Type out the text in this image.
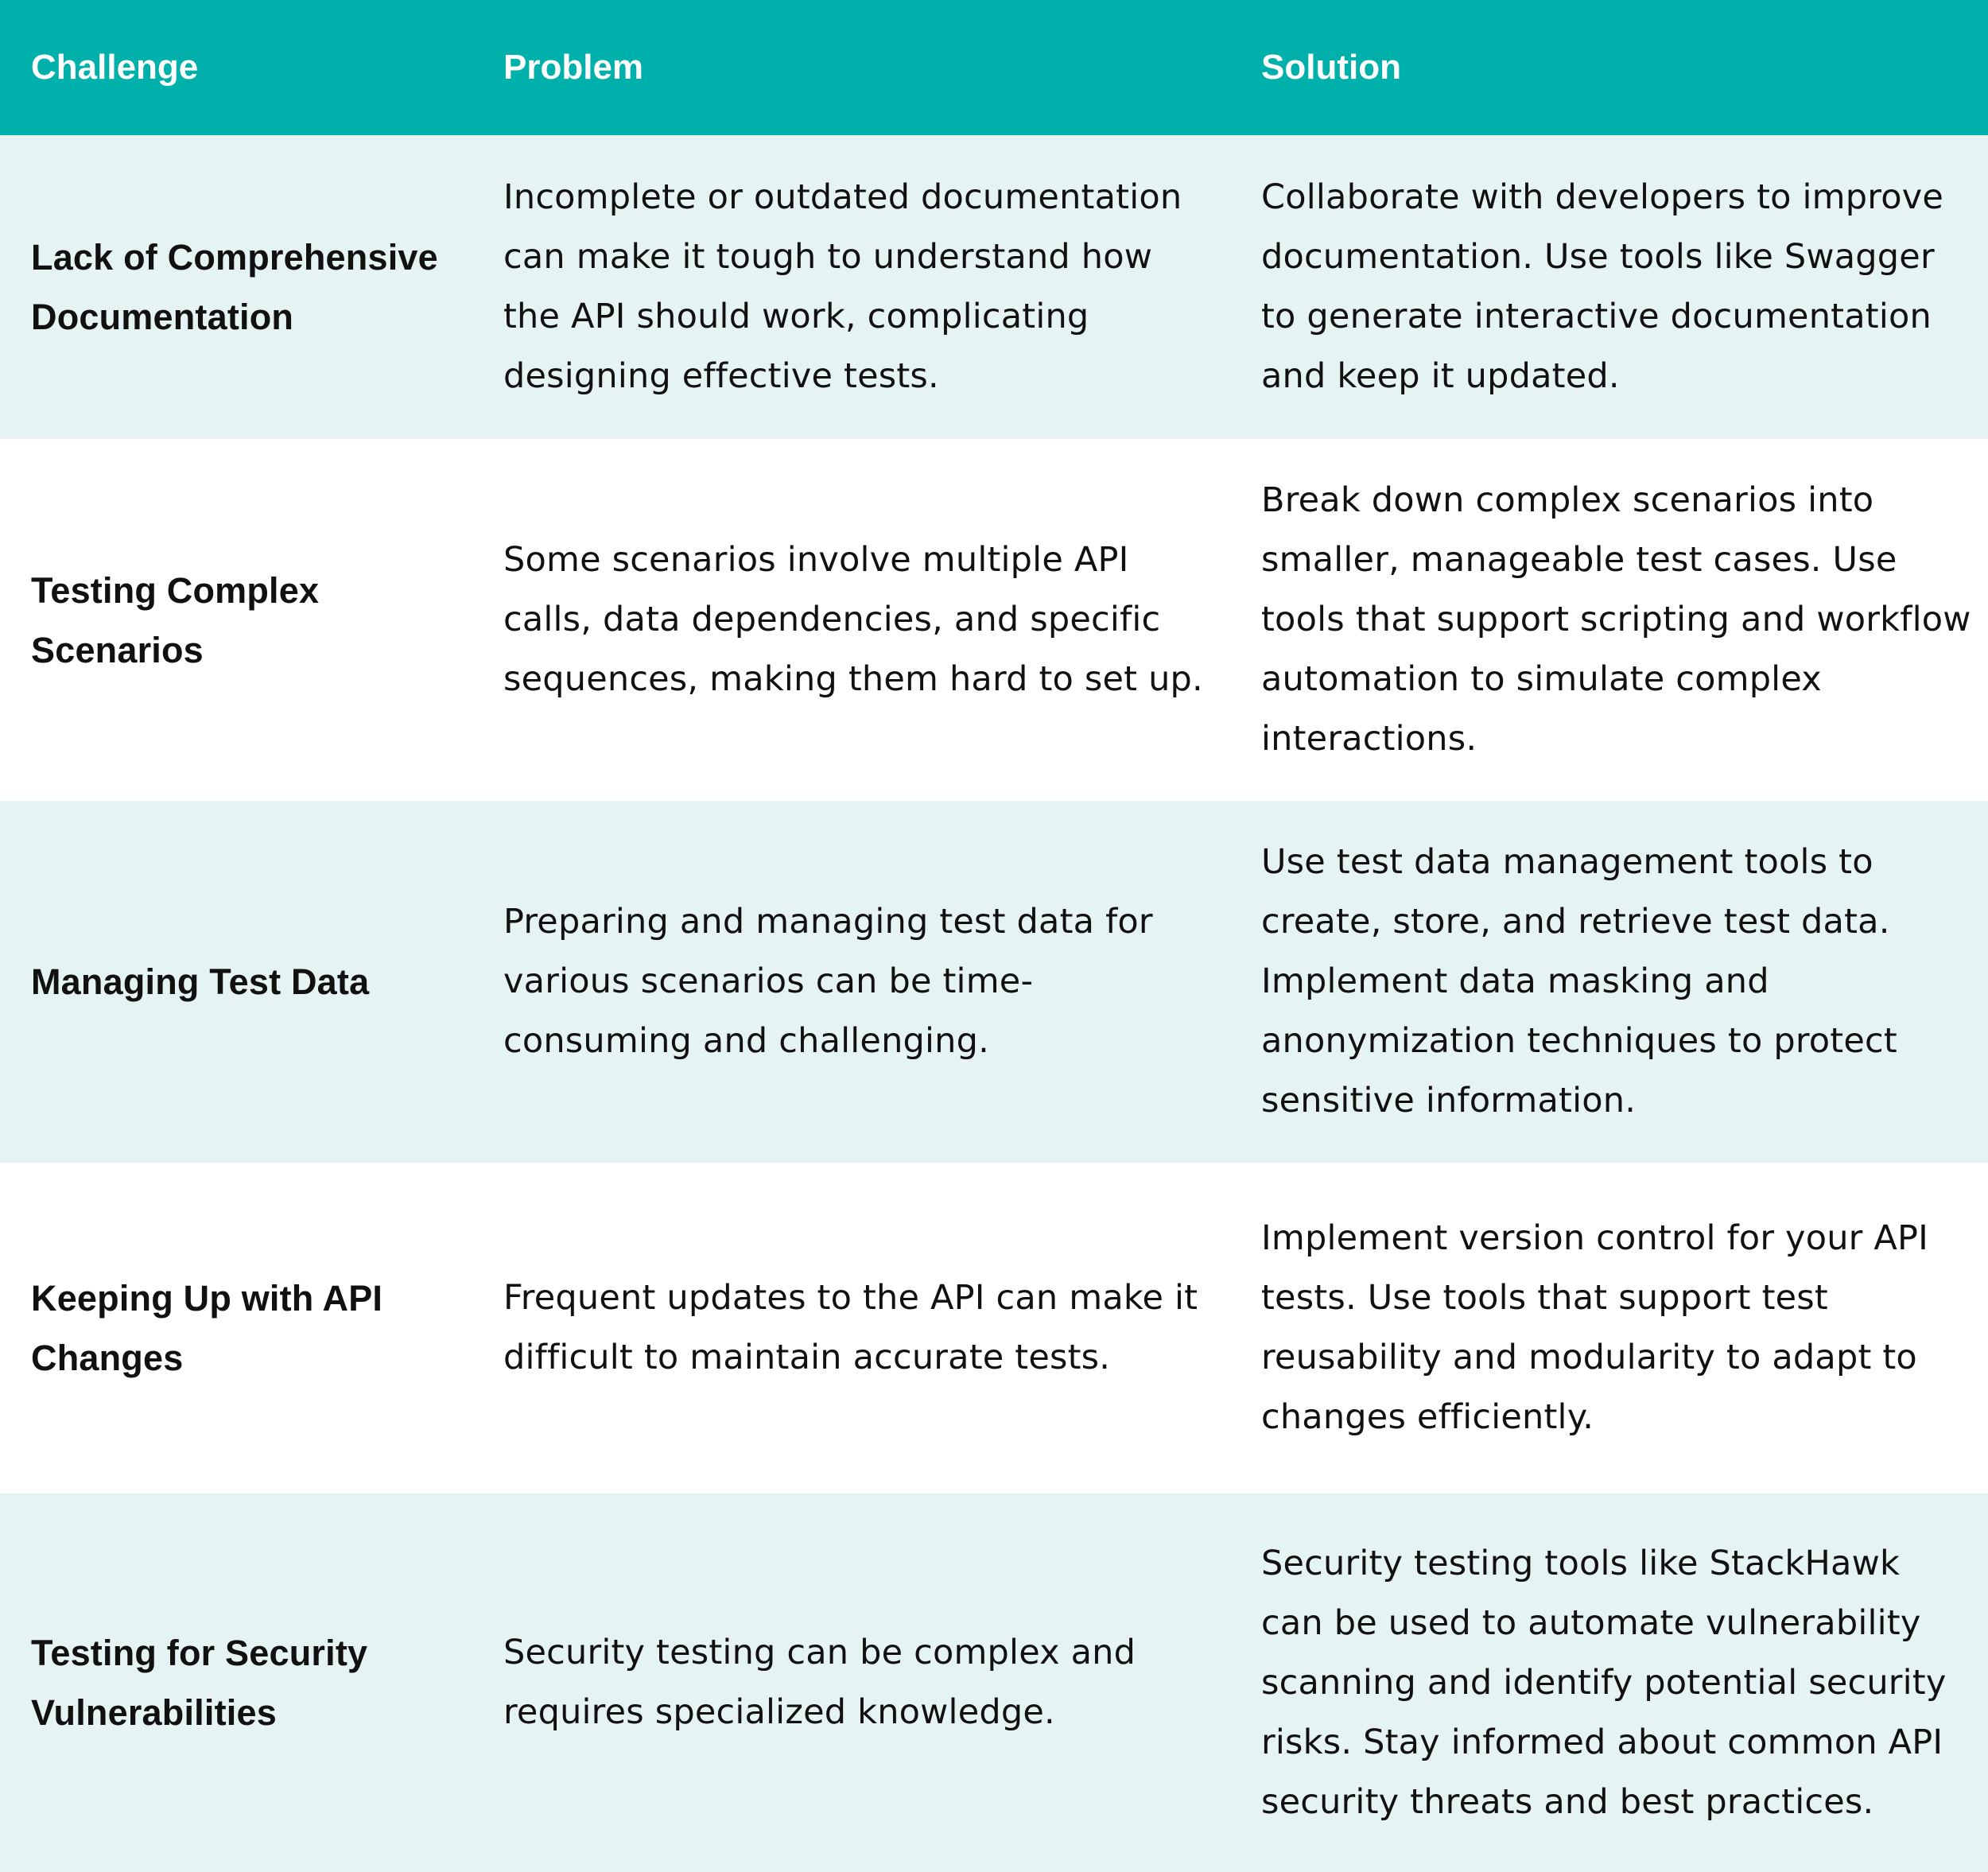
Challenge	Problem	Solution
Lack of Comprehensive Documentation	Incomplete or outdated documentation can make it tough to understand how the API should work, complicating designing effective tests.	Collaborate with developers to improve documentation. Use tools like Swagger to generate interactive documentation and keep it updated.
Testing Complex Scenarios	Some scenarios involve multiple API calls, data dependencies, and specific sequences, making them hard to set up.	Break down complex scenarios into smaller, manageable test cases. Use tools that support scripting and workflow automation to simulate complex interactions.
Managing Test Data	Preparing and managing test data for various scenarios can be time-consuming and challenging.	Use test data management tools to create, store, and retrieve test data. Implement data masking and anonymization techniques to protect sensitive information.
Keeping Up with API Changes	Frequent updates to the API can make it difficult to maintain accurate tests.	Implement version control for your API tests. Use tools that support test reusability and modularity to adapt to changes efficiently.
Testing for Security Vulnerabilities	Security testing can be complex and requires specialized knowledge.	Security testing tools like StackHawk can be used to automate vulnerability scanning and identify potential security risks. Stay informed about common API security threats and best practices.
